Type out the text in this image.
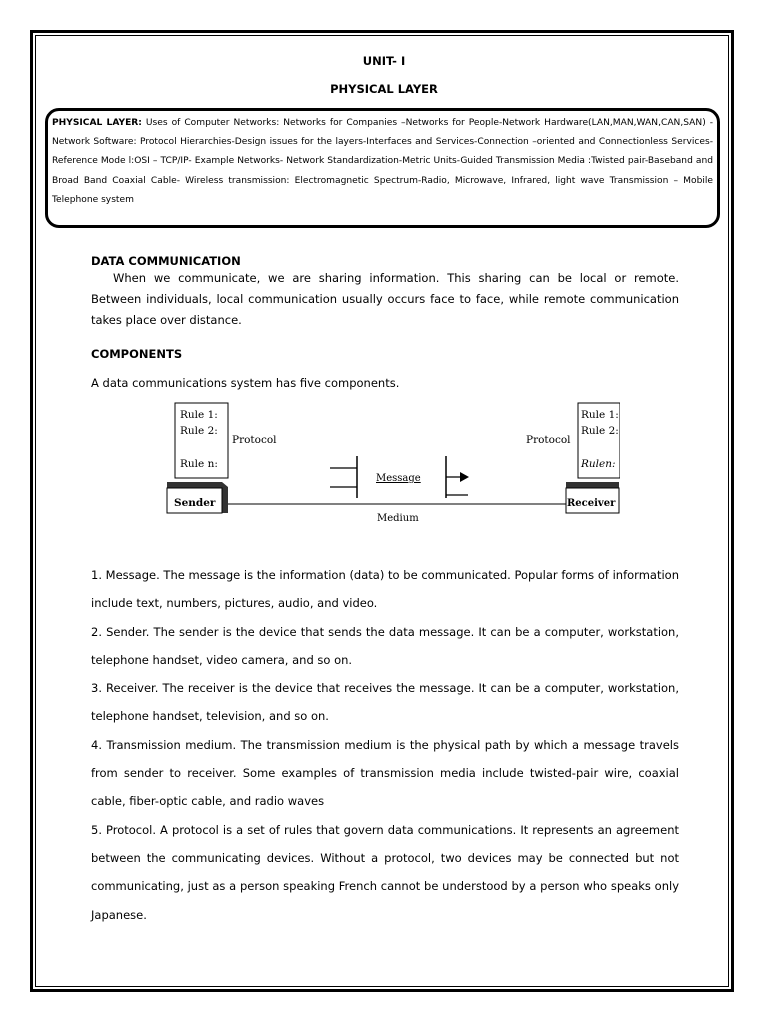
UNIT- I
PHYSICAL LAYER

PHYSICAL LAYER: Uses of Computer Networks: Networks for Companies –Networks for People-Network Hardware(LAN,MAN,WAN,CAN,SAN) - Network Software: Protocol Hierarchies-Design issues for the layers-Interfaces and Services-Connection –oriented and Connectionless Services- Reference Mode l:OSI – TCP/IP- Example Networks- Network Standardization-Metric Units-Guided Transmission Media :Twisted pair-Baseband and Broad Band Coaxial Cable- Wireless transmission: Electromagnetic Spectrum-Radio, Microwave, Infrared, light wave Transmission – Mobile Telephone system

DATA COMMUNICATION

When we communicate, we are sharing information. This sharing can be local or remote. Between individuals, local communication usually occurs face to face, while remote communication takes place over distance.

COMPONENTS

A data communications system has five components.

Rule 1:
Rule 2:
Rule n:
Protocol
Rule 1:
Rule 2:
Rulen:
Protocol
Message
Sender	Receiver
Medium

1. Message. The message is the information (data) to be communicated. Popular forms of information include text, numbers, pictures, audio, and video.

2. Sender. The sender is the device that sends the data message. It can be a computer, workstation, telephone handset, video camera, and so on.

3. Receiver. The receiver is the device that receives the message. It can be a computer, workstation, telephone handset, television, and so on.

4. Transmission medium. The transmission medium is the physical path by which a message travels from sender to receiver. Some examples of transmission media include twisted-pair wire, coaxial cable, fiber-optic cable, and radio waves

5. Protocol. A protocol is a set of rules that govern data communications. It represents an agreement between the communicating devices. Without a protocol, two devices may be connected but not communicating, just as a person speaking French cannot be understood by a person who speaks only Japanese.
